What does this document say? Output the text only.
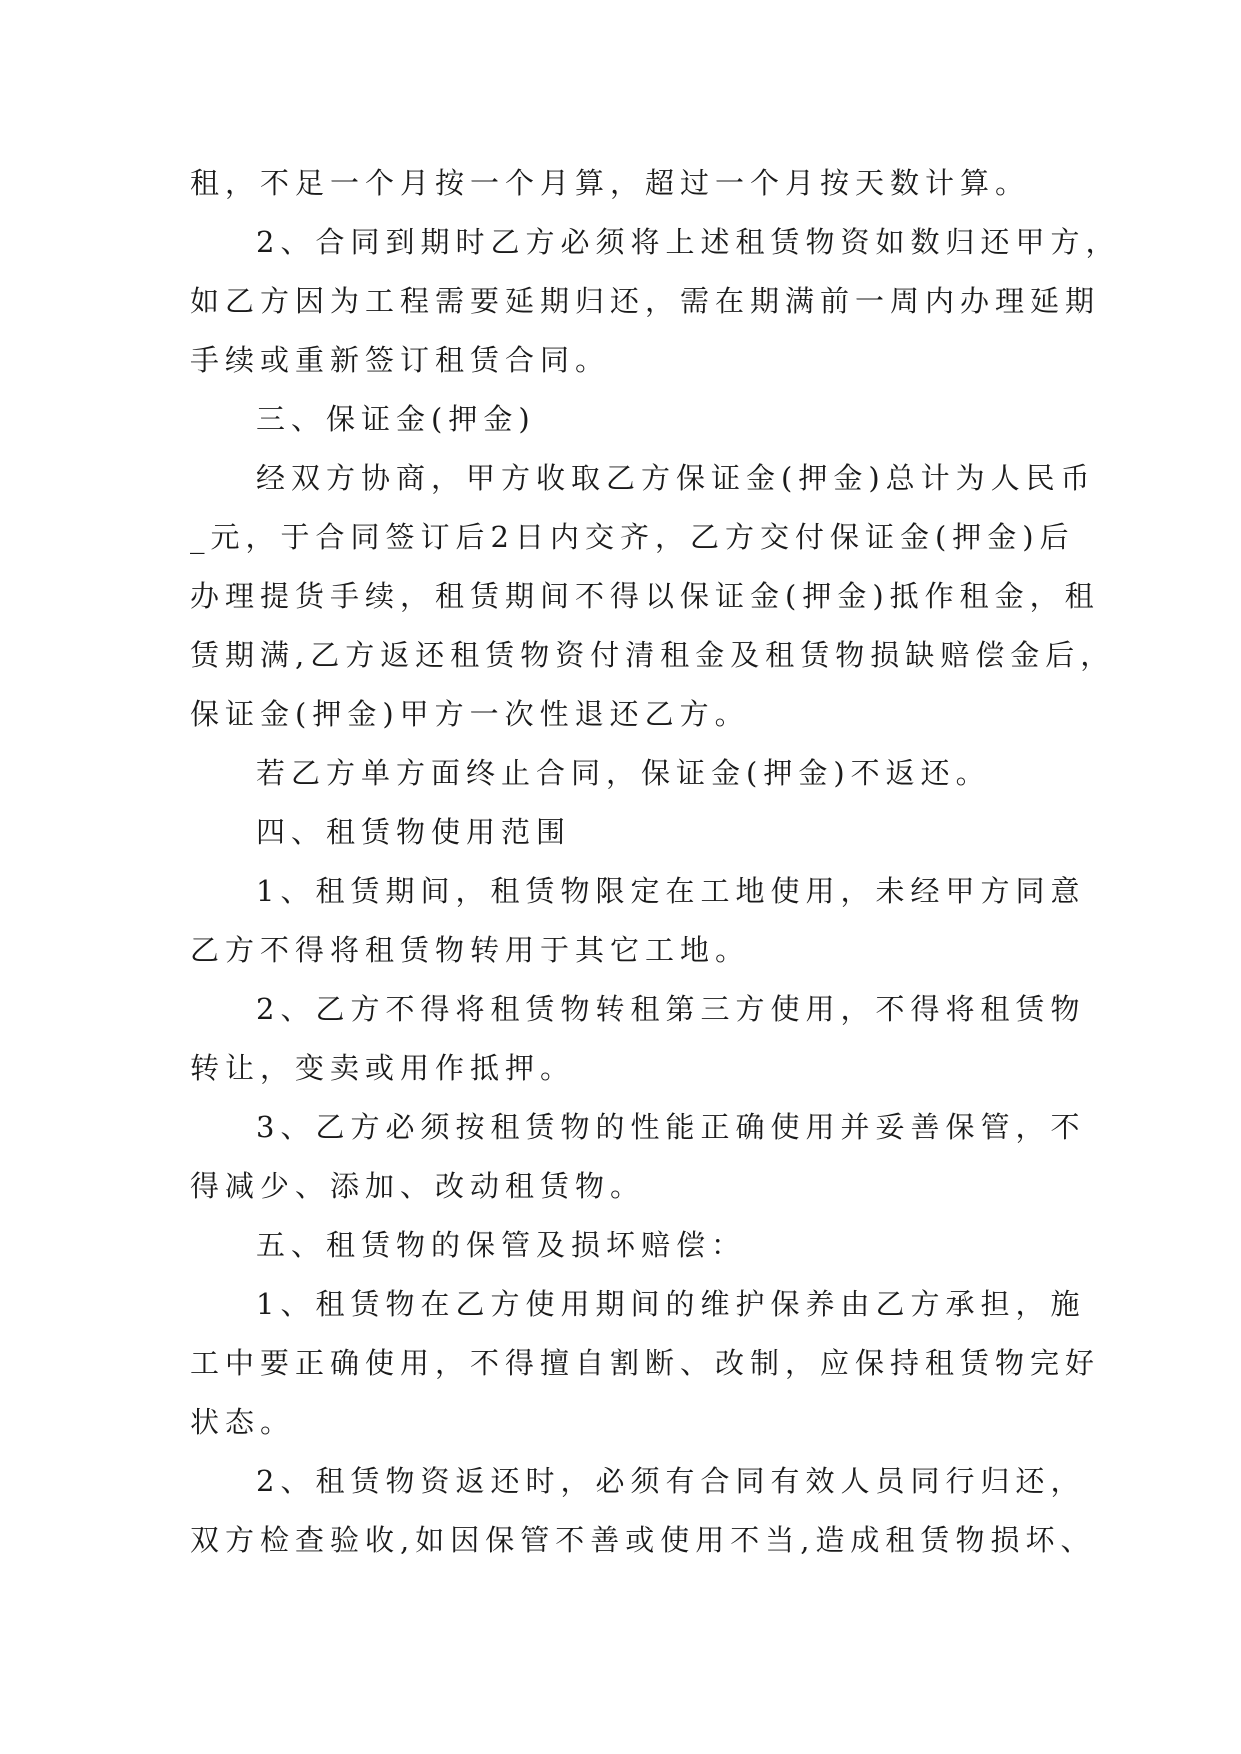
租，不足一个月按一个月算，超过一个月按天数计算。
2、合同到期时乙方必须将上述租赁物资如数归还甲方，
如乙方因为工程需要延期归还，需在期满前一周内办理延期
手续或重新签订租赁合同。
三、保证金(押金)
经双方协商，甲方收取乙方保证金(押金)总计为人民币
_元，于合同签订后2日内交齐，乙方交付保证金(押金)后
办理提货手续，租赁期间不得以保证金(押金)抵作租金，租
赁期满,乙方返还租赁物资付清租金及租赁物损缺赔偿金后，
保证金(押金)甲方一次性退还乙方。
若乙方单方面终止合同，保证金(押金)不返还。
四、租赁物使用范围
1、租赁期间，租赁物限定在工地使用，未经甲方同意
乙方不得将租赁物转用于其它工地。
2、乙方不得将租赁物转租第三方使用，不得将租赁物
转让，变卖或用作抵押。
3、乙方必须按租赁物的性能正确使用并妥善保管，不
得减少、添加、改动租赁物。
五、租赁物的保管及损坏赔偿：
1、租赁物在乙方使用期间的维护保养由乙方承担，施
工中要正确使用，不得擅自割断、改制，应保持租赁物完好
状态。
2、租赁物资返还时，必须有合同有效人员同行归还，
双方检查验收,如因保管不善或使用不当,造成租赁物损坏、
